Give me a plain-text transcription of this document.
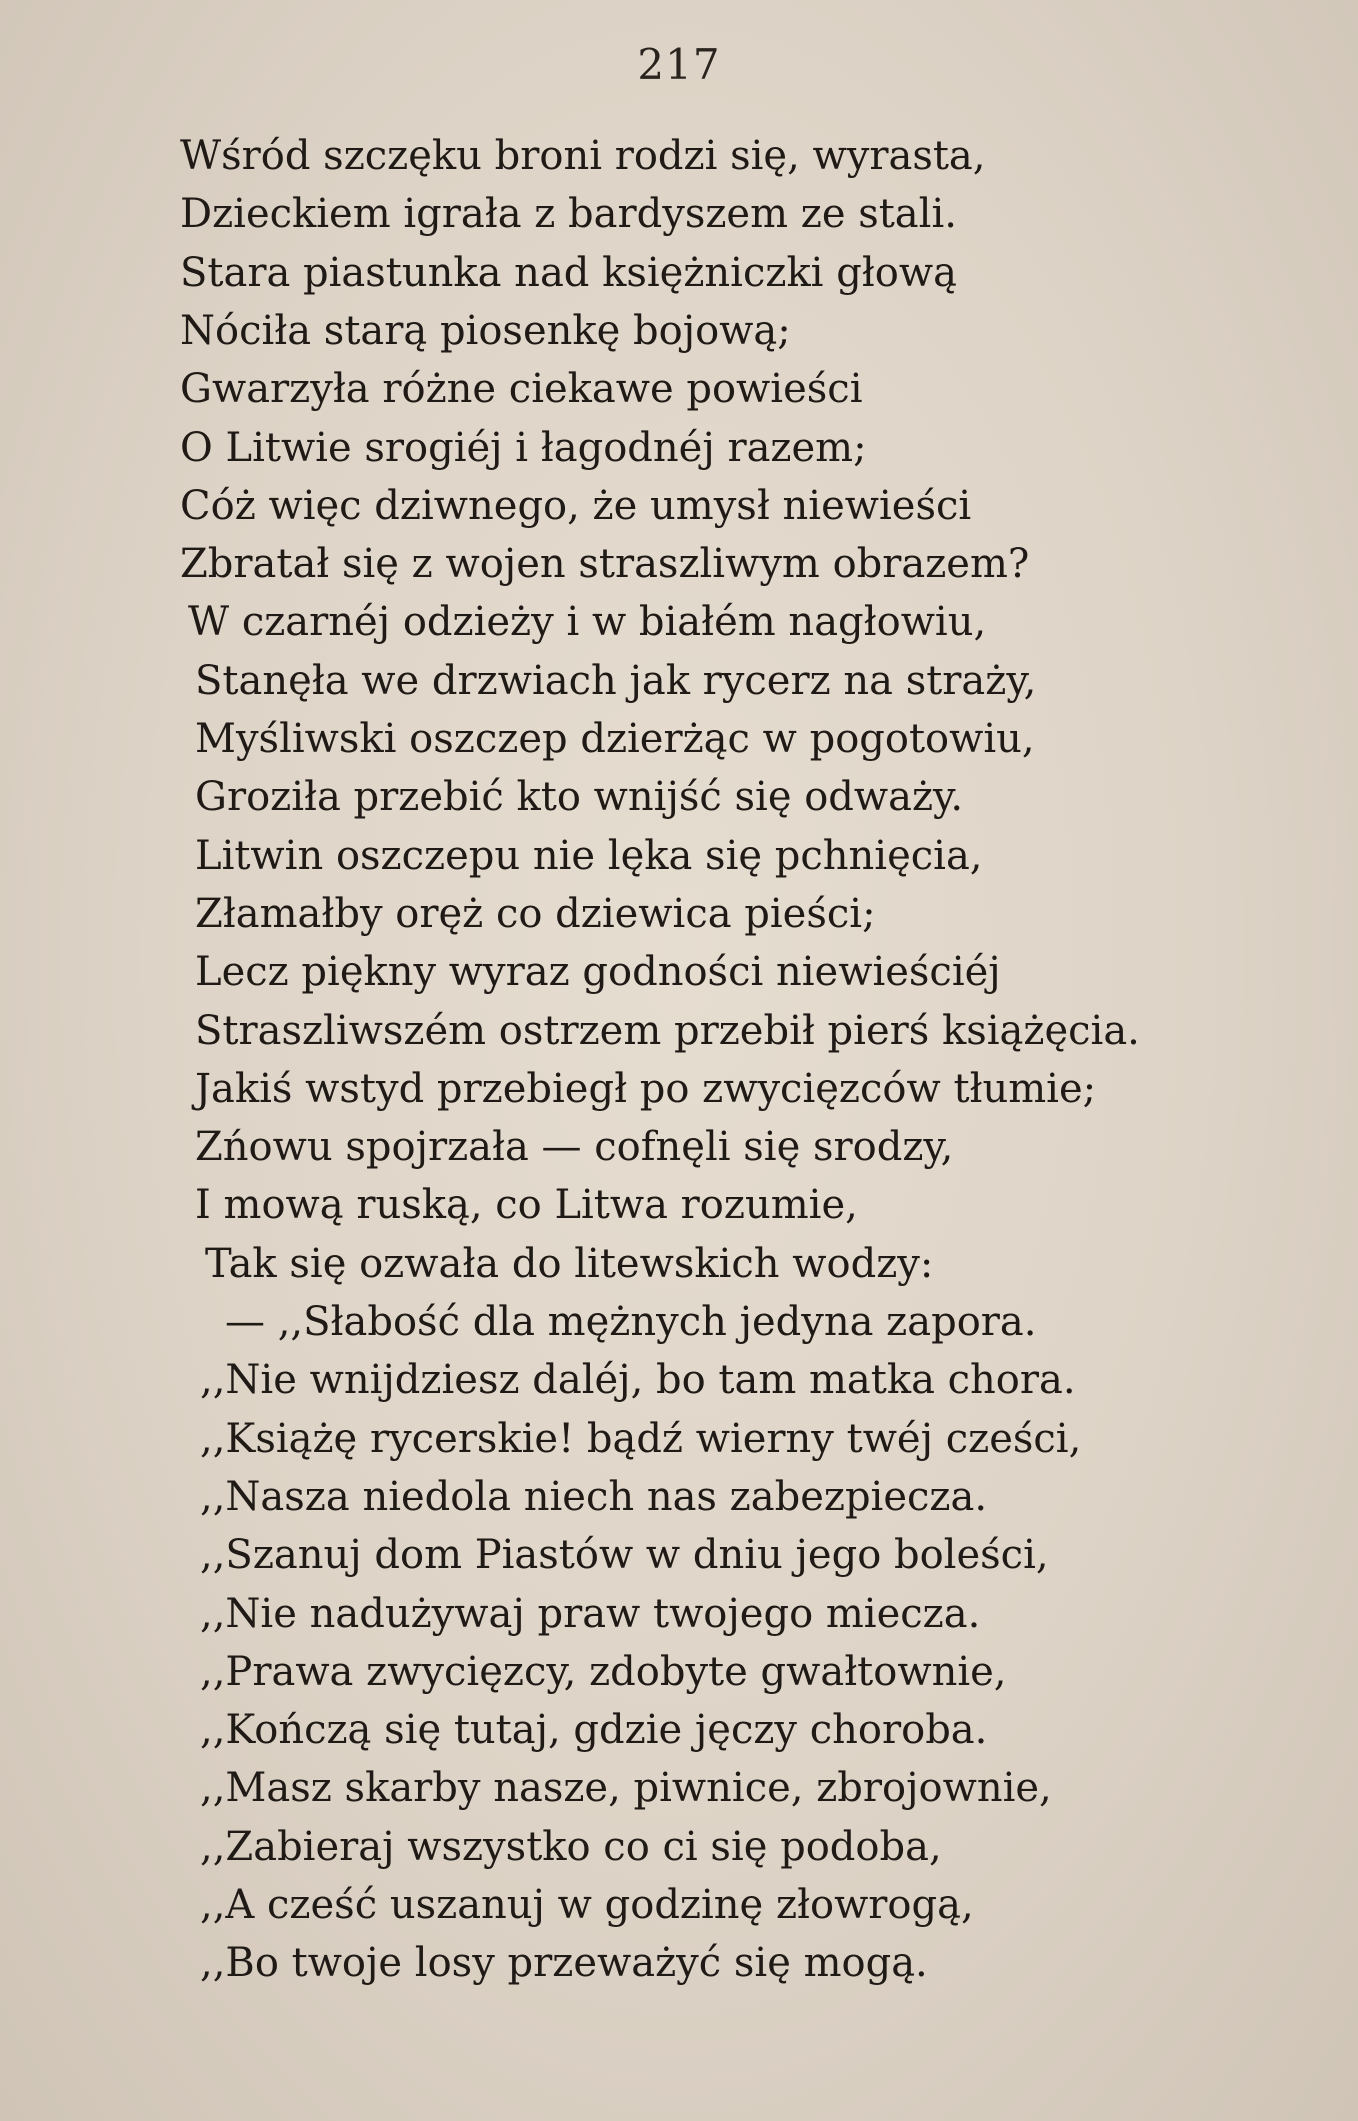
217
Wśród szczęku broni rodzi się, wyrasta,
Dzieckiem igrała z bardyszem ze stali.
Stara piastunka nad księżniczki głową
Nóciła starą piosenkę bojową;
Gwarzyła różne ciekawe powieści
O Litwie srogiéj i łagodnéj razem;
Cóż więc dziwnego, że umysł niewieści
Zbratał się z wojen straszliwym obrazem?
W czarnéj odzieży i w białém nagłowiu,
Stanęła we drzwiach jak rycerz na straży,
Myśliwski oszczep dzierżąc w pogotowiu,
Groziła przebić kto wnijść się odważy.
Litwin oszczepu nie lęka się pchnięcia,
Złamałby oręż co dziewica pieści;
Lecz piękny wyraz godności niewieściéj
Straszliwszém ostrzem przebił pierś książęcia.
Jakiś wstyd przebiegł po zwycięzców tłumie;
Zńowu spojrzała — cofnęli się srodzy,
I mową ruską, co Litwa rozumie,
Tak się ozwała do litewskich wodzy:
— ,,Słabość dla mężnych jedyna zapora.
,,Nie wnijdziesz daléj, bo tam matka chora.
,,Książę rycerskie! bądź wierny twéj cześci,
,,Nasza niedola niech nas zabezpiecza.
,,Szanuj dom Piastów w dniu jego boleści,
,,Nie nadużywaj praw twojego miecza.
,,Prawa zwycięzcy, zdobyte gwałtownie,
,,Kończą się tutaj, gdzie jęczy choroba.
,,Masz skarby nasze, piwnice, zbrojownie,
,,Zabieraj wszystko co ci się podoba,
,,A cześć uszanuj w godzinę złowrogą,
,,Bo twoje losy przeważyć się mogą.
